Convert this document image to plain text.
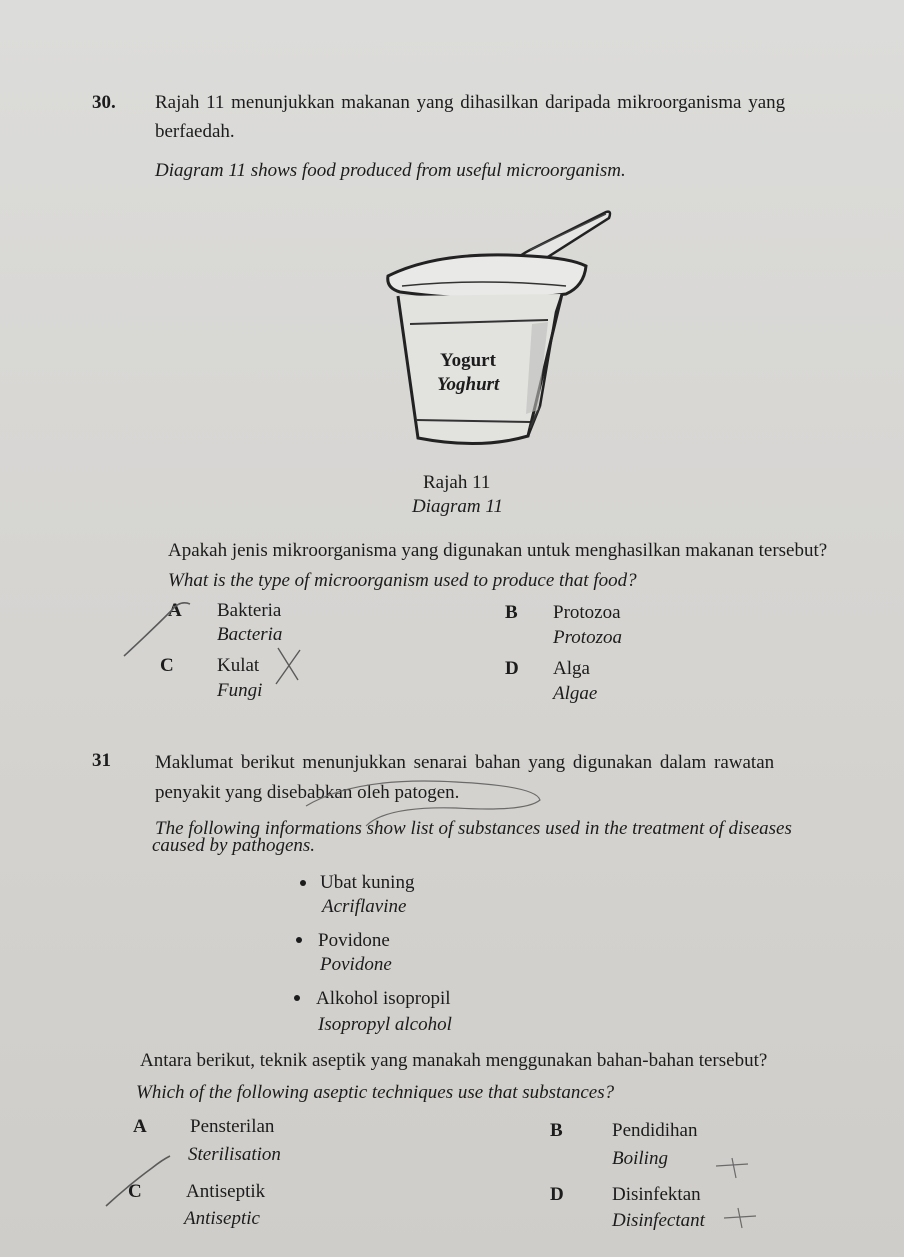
30. Rajah 11 menunjukkan makanan yang dihasilkan daripada mikroorganisma yang
berfaedah.
Diagram 11 shows food produced from useful microorganism.
Yogurt
Yoghurt
Rajah 11
Diagram 11
Apakah jenis mikroorganisma yang digunakan untuk menghasilkan makanan tersebut?
What is the type of microorganism used to produce that food?
A Bakteria
Bacteria
B Protozoa
Protozoa
C Kulat
Fungi
D Alga
Algae
31 Maklumat berikut menunjukkan senarai bahan yang digunakan dalam rawatan
penyakit yang disebabkan oleh patogen.
The following informations show list of substances used in the treatment of diseases
caused by pathogens.
Ubat kuning
Acriflavine
Povidone
Povidone
Alkohol isopropil
Isopropyl alcohol
Antara berikut, teknik aseptik yang manakah menggunakan bahan-bahan tersebut?
Which of the following aseptic techniques use that substances?
A Pensterilan
Sterilisation
B	Pendidihan
Boiling
C Antiseptik
Antiseptic
D	Disinfektan
Disinfectant
